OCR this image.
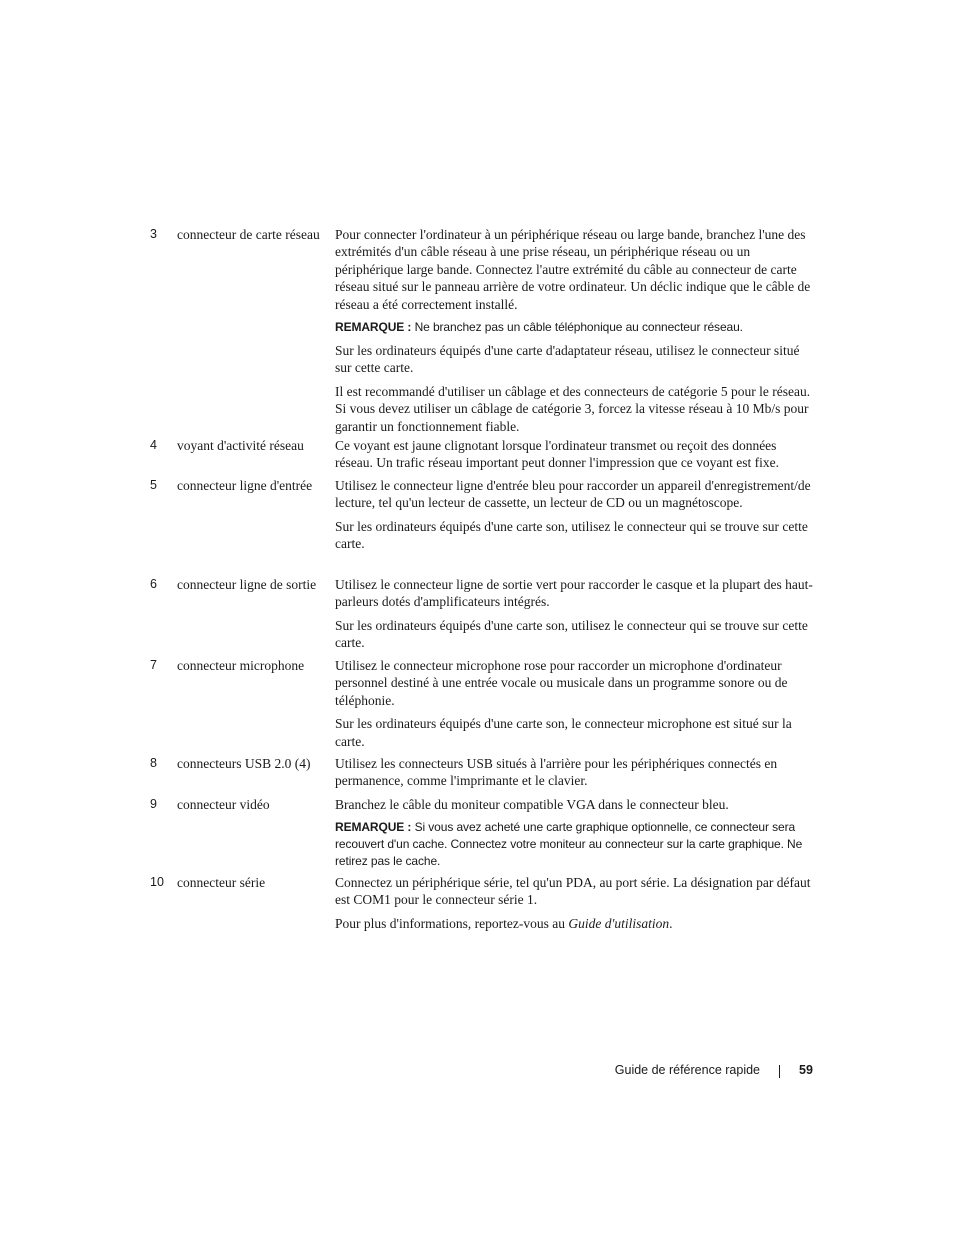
3 connecteur de carte réseau	Pour connecter l'ordinateur à un périphérique réseau ou large bande, branchez l'une des extrémités d'un câble réseau à une prise réseau, un périphérique réseau ou un périphérique large bande. Connectez l'autre extrémité du câble au connecteur de carte réseau situé sur le panneau arrière de votre ordinateur. Un déclic indique que le câble de réseau a été correctement installé.

REMARQUE : Ne branchez pas un câble téléphonique au connecteur réseau.

Sur les ordinateurs équipés d'une carte d'adaptateur réseau, utilisez le connecteur situé sur cette carte.

Il est recommandé d'utiliser un câblage et des connecteurs de catégorie 5 pour le réseau. Si vous devez utiliser un câblage de catégorie 3, forcez la vitesse réseau à 10 Mb/s pour garantir un fonctionnement fiable.

4 voyant d'activité réseau	Ce voyant est jaune clignotant lorsque l'ordinateur transmet ou reçoit des données réseau. Un trafic réseau important peut donner l'impression que ce voyant est fixe.

5 connecteur ligne d'entrée	Utilisez le connecteur ligne d'entrée bleu pour raccorder un appareil d'enregistrement/de lecture, tel qu'un lecteur de cassette, un lecteur de CD ou un magnétoscope.

Sur les ordinateurs équipés d'une carte son, utilisez le connecteur qui se trouve sur cette carte.

6 connecteur ligne de sortie	Utilisez le connecteur ligne de sortie vert pour raccorder le casque et la plupart des haut-parleurs dotés d'amplificateurs intégrés.

Sur les ordinateurs équipés d'une carte son, utilisez le connecteur qui se trouve sur cette carte.

7 connecteur microphone	Utilisez le connecteur microphone rose pour raccorder un microphone d'ordinateur personnel destiné à une entrée vocale ou musicale dans un programme sonore ou de téléphonie.

Sur les ordinateurs équipés d'une carte son, le connecteur microphone est situé sur la carte.

8 connecteurs USB 2.0 (4)	Utilisez les connecteurs USB situés à l'arrière pour les périphériques connectés en permanence, comme l'imprimante et le clavier.

9 connecteur vidéo	Branchez le câble du moniteur compatible VGA dans le connecteur bleu.

REMARQUE : Si vous avez acheté une carte graphique optionnelle, ce connecteur sera recouvert d'un cache. Connectez votre moniteur au connecteur sur la carte graphique. Ne retirez pas le cache.
10 connecteur série	Connectez un périphérique série, tel qu'un PDA, au port série. La désignation par défaut est COM1 pour le connecteur série 1.

Pour plus d'informations, reportez-vous au Guide d'utilisation.

Guide de référence rapide	59
